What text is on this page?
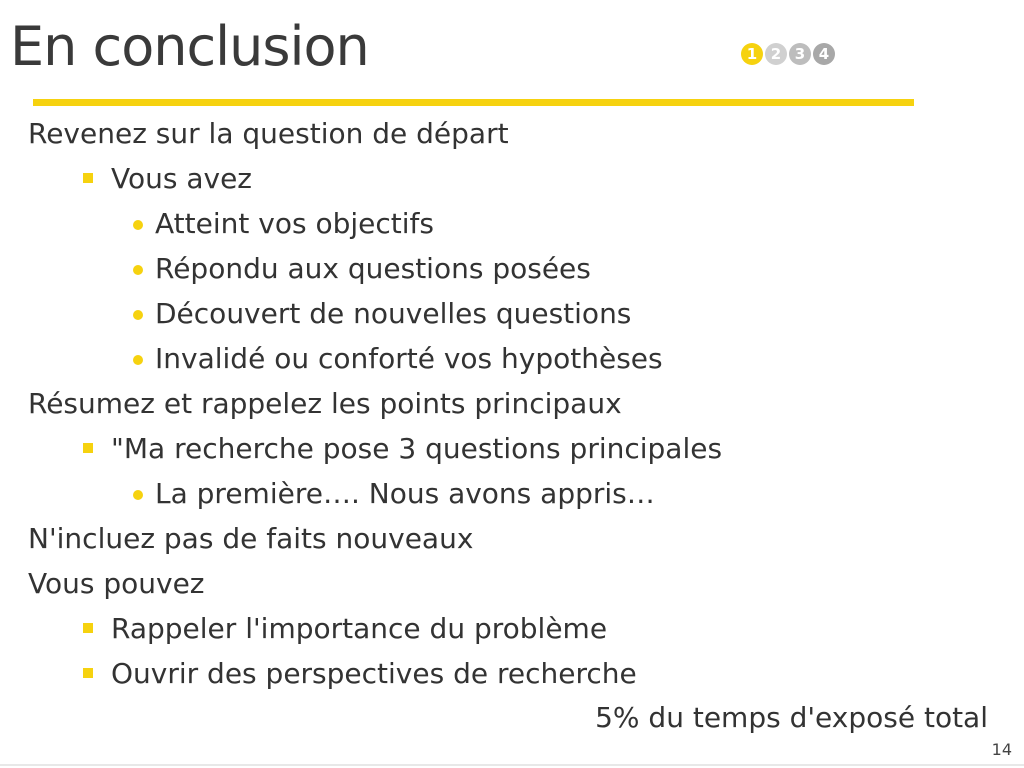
En conclusion	1 2 3 4
Revenez sur la question de départ
Vous avez
Atteint vos objectifs
Répondu aux questions posées
Découvert de nouvelles questions
Invalidé ou conforté vos hypothèses
Résumez et rappelez les points principaux
"Ma recherche pose 3 questions principales
La première…. Nous avons appris…
N'incluez pas de faits nouveaux
Vous pouvez
Rappeler l'importance du problème
Ouvrir des perspectives de recherche
5% du temps d'exposé total
14
